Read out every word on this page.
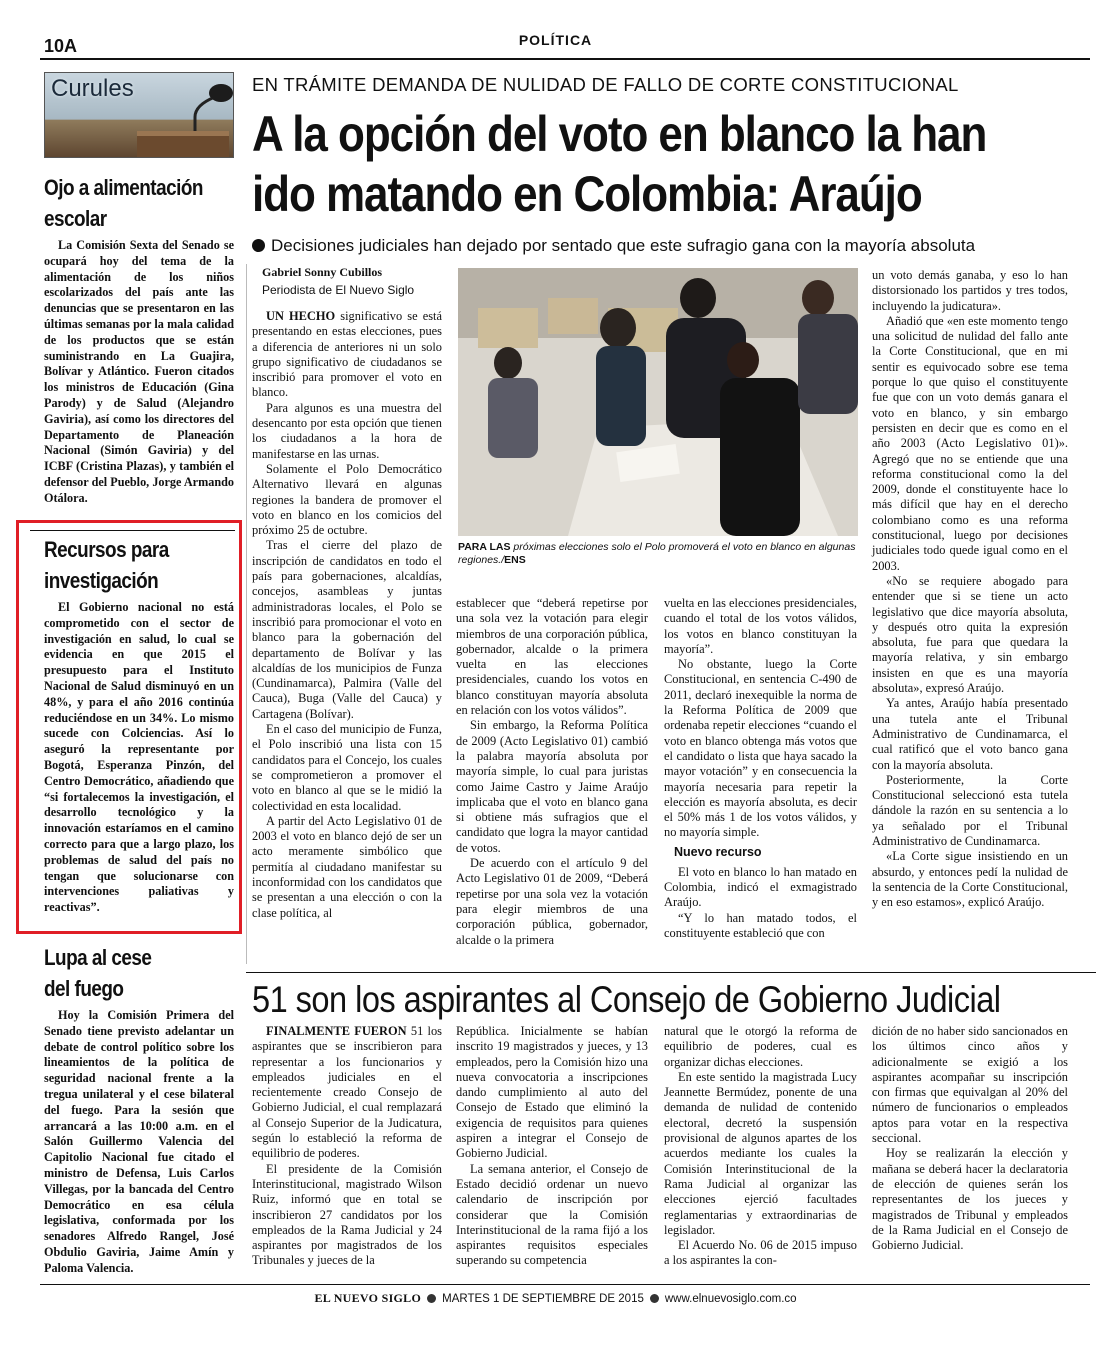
10A	POLÍTICA
Curules
Ojo a alimentación
escolar
La Comisión Sexta del Senado se ocupará hoy del tema de la alimentación de los niños escolarizados del país ante las denuncias que se presentaron en las últimas semanas por la mala calidad de los productos que se están suministrando en La Guajira, Bolívar y Atlántico. Fueron citados los ministros de Educación (Gina Parody) y de Salud (Alejandro Gaviria), así como los directores del Departamento de Planeación Nacional (Simón Gaviria) y del ICBF (Cristina Plazas), y también el defensor del Pueblo, Jorge Armando Otálora.
Recursos para
investigación
El Gobierno nacional no está comprometido con el sector de investigación en salud, lo cual se evidencia en que 2015 el presupuesto para el Instituto Nacional de Salud disminuyó en un 48%, y para el año 2016 continúa reduciéndose en un 34%. Lo mismo sucede con Colciencias. Así lo aseguró la representante por Bogotá, Esperanza Pinzón, del Centro Democrático, añadiendo que “si fortalecemos la investigación, el desarrollo tecnológico y la innovación estaríamos en el camino correcto para que a largo plazo, los problemas de salud del país no tengan que solucionarse con intervenciones paliativas y reactivas”.
Lupa al cese
del fuego
Hoy la Comisión Primera del Senado tiene previsto adelantar un debate de control político sobre los lineamientos de la política de seguridad nacional frente a la tregua unilateral y el cese bilateral del fuego. Para la sesión que arrancará a las 10:00 a.m. en el Salón Guillermo Valencia del Capitolio Nacional fue citado el ministro de Defensa, Luis Carlos Villegas, por la bancada del Centro Democrático en esa célula legislativa, conformada por los senadores Alfredo Rangel, José Obdulio Gaviria, Jaime Amín y Paloma Valencia.
EN TRÁMITE DEMANDA DE NULIDAD DE FALLO DE CORTE CONSTITUCIONAL
A la opción del voto en blanco la han ido matando en Colombia: Araújo
Decisiones judiciales han dejado por sentado que este sufragio gana con la mayoría absoluta
Gabriel Sonny Cubillos
Periodista de El Nuevo Siglo

UN HECHO significativo se está presentando en estas elecciones, pues a diferencia de anteriores ni un solo grupo significativo de ciudadanos se inscribió para promover el voto en blanco.

Para algunos es una muestra del desencanto por esta opción que tienen los ciudadanos a la hora de manifestarse en las urnas.

Solamente el Polo Democrático Alternativo llevará en algunas regiones la bandera de promover el voto en blanco en los comicios del próximo 25 de octubre.

Tras el cierre del plazo de inscripción de candidatos en todo el país para gobernaciones, alcaldías, concejos, asambleas y juntas administradoras locales, el Polo se inscribió para promocionar el voto en blanco para la gobernación del departamento de Bolívar y las alcaldías de los municipios de Funza (Cundinamarca), Palmira (Valle del Cauca), Buga (Valle del Cauca) y Cartagena (Bolívar).

En el caso del municipio de Funza, el Polo inscribió una lista con 15 candidatos para el Concejo, los cuales se comprometieron a promover el voto en blanco al que se le midió la colectividad en esta localidad.

A partir del Acto Legislativo 01 de 2003 el voto en blanco dejó de ser un acto meramente simbólico que permitía al ciudadano manifestar su inconformidad con los candidatos que se presentan a una elección o con la clase política, al

PARA LAS próximas elecciones solo el Polo promoverá el voto en blanco en algunas regiones./ENS

establecer que “deberá repetirse por una sola vez la votación para elegir miembros de una corporación pública, gobernador, alcalde o la primera vuelta en las elecciones presidenciales, cuando los votos en blanco constituyan mayoría absoluta en relación con los votos válidos”.

Sin embargo, la Reforma Política de 2009 (Acto Legislativo 01) cambió la palabra mayoría absoluta por mayoría simple, lo cual para juristas como Jaime Castro y Jaime Araújo implicaba que el voto en blanco gana si obtiene más sufragios que el candidato que logra la mayor cantidad de votos.

De acuerdo con el artículo 9 del Acto Legislativo 01 de 2009, “Deberá repetirse por una sola vez la votación para elegir miembros de una corporación pública, gobernador, alcalde o la primera

vuelta en las elecciones presidenciales, cuando el total de los votos válidos, los votos en blanco constituyan la mayoría”.

No obstante, luego la Corte Constitucional, en sentencia C-490 de 2011, declaró inexequible la norma de la Reforma Política de 2009 que ordenaba repetir elecciones “cuando el voto en blanco obtenga más votos que el candidato o lista que haya sacado la mayor votación” y en consecuencia la mayoría necesaria para repetir la elección es mayoría absoluta, es decir el 50% más 1 de los votos válidos, y no mayoría simple.

Nuevo recurso

El voto en blanco lo han matado en Colombia, indicó el exmagistrado Araújo.

“Y lo han matado todos, el constituyente estableció que con

un voto demás ganaba, y eso lo han distorsionado los partidos y tres todos, incluyendo la judicatura».

Añadió que «en este momento tengo una solicitud de nulidad del fallo ante la Corte Constitucional, que en mi sentir es equivocado sobre ese tema porque lo que quiso el constituyente fue que con un voto demás ganara el voto en blanco, y sin embargo persisten en decir que es como en el año 2003 (Acto Legislativo 01)». Agregó que no se entiende que una reforma constitucional como la del 2009, donde el constituyente hace lo más difícil que hay en el derecho colombiano como es una reforma constitucional, luego por decisiones judiciales todo quede igual como en el 2003.

«No se requiere abogado para entender que si se tiene un acto legislativo que dice mayoría absoluta, y después otro quita la expresión absoluta, fue para que quedara la mayoría relativa, y sin embargo insisten en que es una mayoría absoluta», expresó Araújo.

Ya antes, Araújo había presentado una tutela ante el Tribunal Administrativo de Cundinamarca, el cual ratificó que el voto banco gana con la mayoría absoluta.

Posteriormente, la Corte Constitucional seleccionó esta tutela dándole la razón en su sentencia a lo ya señalado por el Tribunal Administrativo de Cundinamarca.

«La Corte sigue insistiendo en un absurdo, y entonces pedí la nulidad de la sentencia de la Corte Constitucional, y en eso estamos», explicó Araújo.

51 son los aspirantes al Consejo de Gobierno Judicial

FINALMENTE FUERON 51 los aspirantes que se inscribieron para representar a los funcionarios y empleados judiciales en el recientemente creado Consejo de Gobierno Judicial, el cual remplazará al Consejo Superior de la Judicatura, según lo estableció la reforma de equilibrio de poderes.

El presidente de la Comisión Interinstitucional, magistrado Wilson Ruiz, informó que en total se inscribieron 27 candidatos por los empleados de la Rama Judicial y 24 aspirantes por magistrados de los Tribunales y jueces de la

República. Inicialmente se habían inscrito 19 magistrados y jueces, y 13 empleados, pero la Comisión hizo una nueva convocatoria a inscripciones dando cumplimiento al auto del Consejo de Estado que eliminó la exigencia de requisitos para quienes aspiren a integrar el Consejo de Gobierno Judicial.

La semana anterior, el Consejo de Estado decidió ordenar un nuevo calendario de inscripción por considerar que la Comisión Interinstitucional de la rama fijó a los aspirantes requisitos especiales superando su competencia

natural que le otorgó la reforma de equilibrio de poderes, cual es organizar dichas elecciones.

En este sentido la magistrada Lucy Jeannette Bermúdez, ponente de una demanda de nulidad de contenido electoral, decretó la suspensión provisional de algunos apartes de los acuerdos mediante los cuales la Comisión Interinstitucional de la Rama Judicial al organizar las elecciones ejerció facultades reglamentarias y extraordinarias de legislador.

El Acuerdo No. 06 de 2015 impuso a los aspirantes la con-

dición de no haber sido sancionados en los últimos cinco años y adicionalmente se exigió a los aspirantes acompañar su inscripción con firmas que equivalgan al 20% del número de funcionarios o empleados aptos para votar en la respectiva seccional.

Hoy se realizarán la elección y mañana se deberá hacer la declaratoria de elección de quienes serán los representantes de los jueces y magistrados de Tribunal y empleados de la Rama Judicial en el Consejo de Gobierno Judicial.

EL NUEVO SIGLO MARTES 1 DE SEPTIEMBRE DE 2015 www.elnuevosiglo.com.co
